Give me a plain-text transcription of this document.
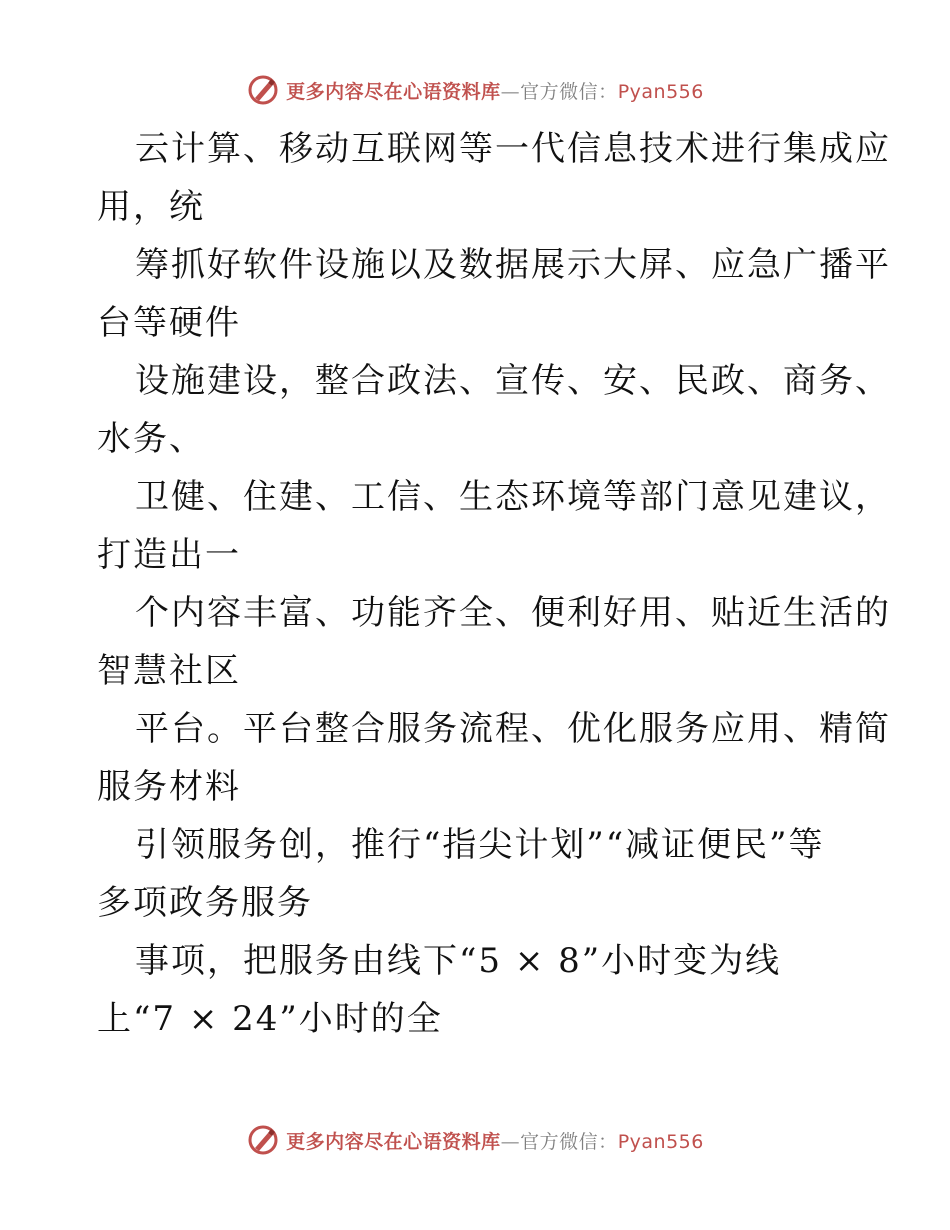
更多内容尽在心语资料库—官方微信：Pyan556
云计算、移动互联网等一代信息技术进行集成应
用，统
筹抓好软件设施以及数据展示大屏、应急广播平
台等硬件
设施建设，整合政法、宣传、安、民政、商务、
水务、
卫健、住建、工信、生态环境等部门意见建议，
打造出一
个内容丰富、功能齐全、便利好用、贴近生活的
智慧社区
平台。平台整合服务流程、优化服务应用、精简
服务材料
引领服务创，推行“指尖计划”“减证便民”等
多项政务服务
事项，把服务由线下“5 × 8”小时变为线
上“7 × 24”小时的全
更多内容尽在心语资料库—官方微信：Pyan556
